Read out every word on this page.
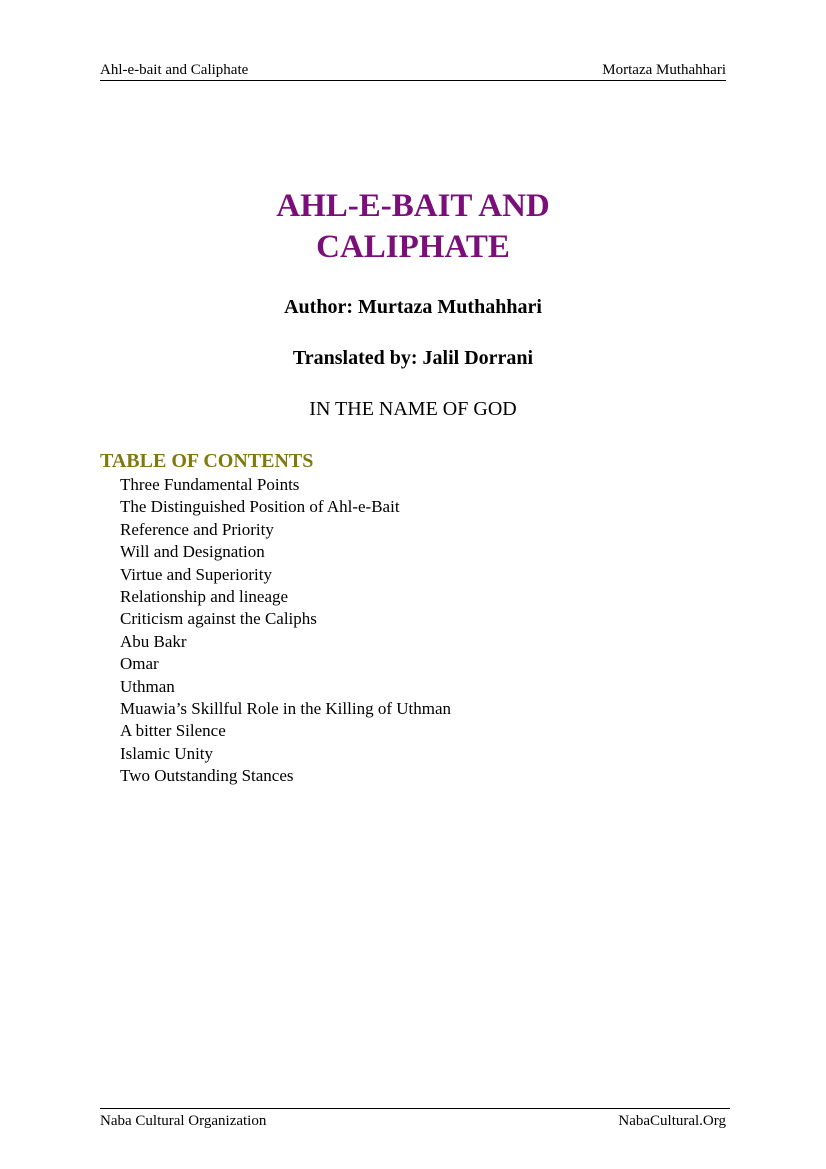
Ahl-e-bait and Caliphate	Mortaza Muthahhari
AHL-E-BAIT AND
CALIPHATE
Author: Murtaza Muthahhari
Translated by: Jalil Dorrani
IN THE NAME OF GOD
TABLE OF CONTENTS
Three Fundamental Points
The Distinguished Position of Ahl-e-Bait
Reference and Priority
Will and Designation
Virtue and Superiority
Relationship and lineage
Criticism against the Caliphs
Abu Bakr
Omar
Uthman
Muawia’s Skillful Role in the Killing of Uthman
A bitter Silence
Islamic Unity
Two Outstanding Stances
Naba Cultural Organization	NabaCultural.Org
